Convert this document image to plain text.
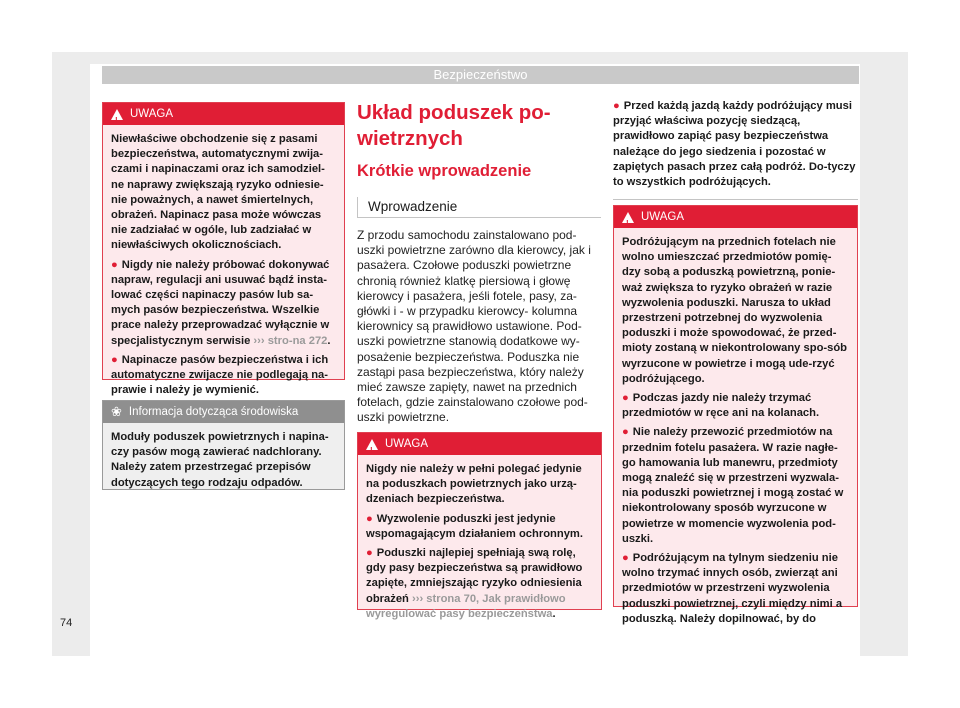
Bezpieczeństwo
!
UWAGA

Niewłaściwe obchodzenie się z pasami bezpieczeństwa, automatycznymi zwija-czami i napinaczami oraz ich samodziel-ne naprawy zwiększają ryzyko odniesie-nie poważnych, a nawet śmiertelnych, obrażeń. Napinacz pasa może wówczas nie zadziałać w ogóle, lub zadziałać w niewłaściwych okolicznościach.

● Nigdy nie należy próbować dokonywać napraw, regulacji ani usuwać bądź insta-lować części napinaczy pasów lub sa-mych pasów bezpieczeństwa. Wszelkie prace należy przeprowadzać wyłącznie w specjalistycznym serwisie ››› stro-na 272.

● Napinacze pasów bezpieczeństwa i ich automatyczne zwijacze nie podlegają na-prawie i należy je wymienić.

❀ Informacja dotycząca środowiska
Moduły poduszek powietrznych i napina-czy pasów mogą zawierać nadchlorany. Należy zatem przestrzegać przepisów dotyczących tego rodzaju odpadów.
Układ poduszek po-wietrznych
Krótkie wprowadzenie
Wprowadzenie
Z przodu samochodu zainstalowano pod-uszki powietrzne zarówno dla kierowcy, jak i pasażera. Czołowe poduszki powietrzne chronią również klatkę piersiową i głowę kierowcy i pasażera, jeśli fotele, pasy, za-główki i - w przypadku kierowcy- kolumna kierownicy są prawidłowo ustawione. Pod-uszki powietrzne stanowią dodatkowe wy-posażenie bezpieczeństwa. Poduszka nie zastąpi pasa bezpieczeństwa, który należy mieć zawsze zapięty, nawet na przednich fotelach, gdzie zainstalowano czołowe pod-uszki powietrzne.
!
UWAGA

Nigdy nie należy w pełni polegać jedynie na poduszkach powietrznych jako urzą-dzeniach bezpieczeństwa.

● Wyzwolenie poduszki jest jedynie wspomagającym działaniem ochronnym.

● Poduszki najlepiej spełniają swą rolę, gdy pasy bezpieczeństwa są prawidłowo zapięte, zmniejszając ryzyko odniesienia obrażeń ››› strona 70, Jak prawidłowo wyregulować pasy bezpieczeństwa.

● Przed każdą jazdą każdy podróżujący musi przyjąć właściwa pozycję siedzącą, prawidłowo zapiąć pasy bezpieczeństwa należące do jego siedzenia i pozostać w zapiętych pasach przez całą podróż. Do-tyczy to wszystkich podróżujących.
!
UWAGA

Podróżującym na przednich fotelach nie wolno umieszczać przedmiotów pomię-dzy sobą a poduszką powietrzną, ponie-waż zwiększa to ryzyko obrażeń w razie wyzwolenia poduszki. Narusza to układ przestrzeni potrzebnej do wyzwolenia poduszki i może spowodować, że przed-mioty zostaną w niekontrolowany spo-sób wyrzucone w powietrze i mogą ude-rzyć podróżującego.

● Podczas jazdy nie należy trzymać przedmiotów w ręce ani na kolanach.

● Nie należy przewozić przedmiotów na przednim fotelu pasażera. W razie nagłe-go hamowania lub manewru, przedmioty mogą znaleźć się w przestrzeni wyzwala-nia poduszki powietrznej i mogą zostać w niekontrolowany sposób wyrzucone w powietrze w momencie wyzwolenia pod-uszki.

● Podróżującym na tylnym siedzeniu nie wolno trzymać innych osób, zwierząt ani przedmiotów w przestrzeni wyzwolenia poduszki powietrznej, czyli między nimi a poduszką. Należy dopilnować, by do

74
